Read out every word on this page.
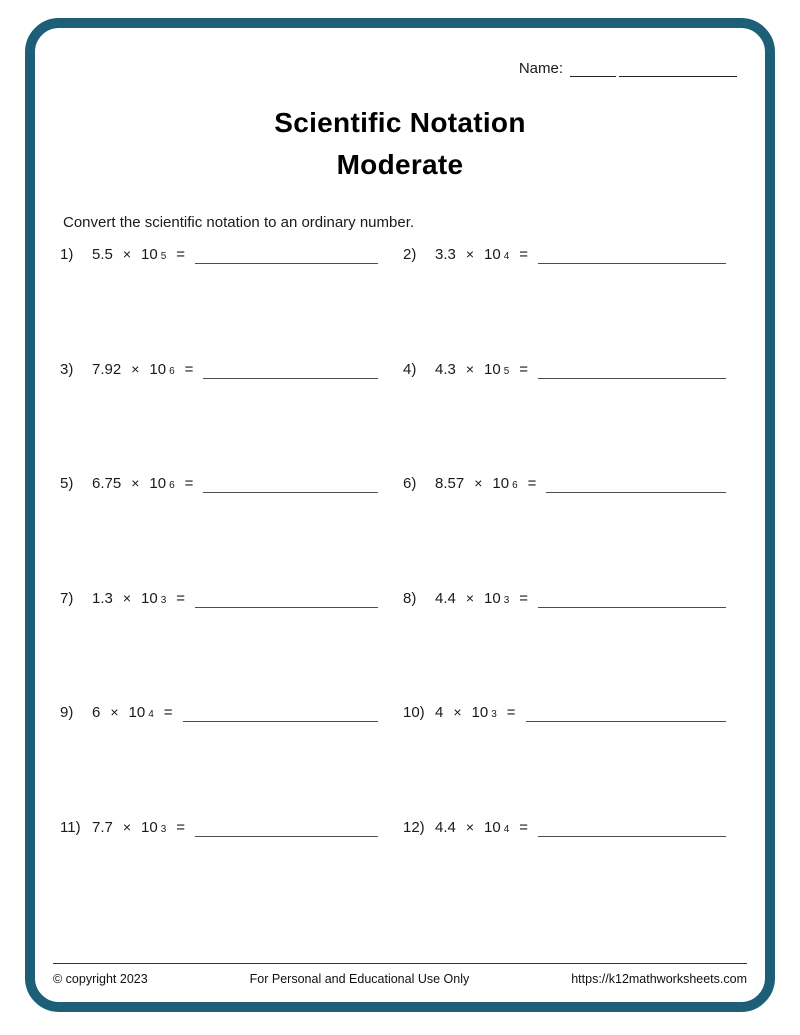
Name:
Scientific Notation
Moderate
Convert the scientific notation to an ordinary number.
1)	5.5 × 10 5 =	2)	3.3 × 10 4 =
3)	7.92 × 10 6 =	4)	4.3 × 10 5 =
5)	6.75 × 10 6 =	6)	8.57 × 10 6 =
7)	1.3 × 10 3 =	8)	4.4 × 10 3 =
9)	6 × 10 4 =	10) 4 × 10 3 =
11) 7.7 × 10 3 =	12) 4.4 × 10 4 =
© copyright 2023	For Personal and Educational Use Only	https://k12mathworksheets.com
